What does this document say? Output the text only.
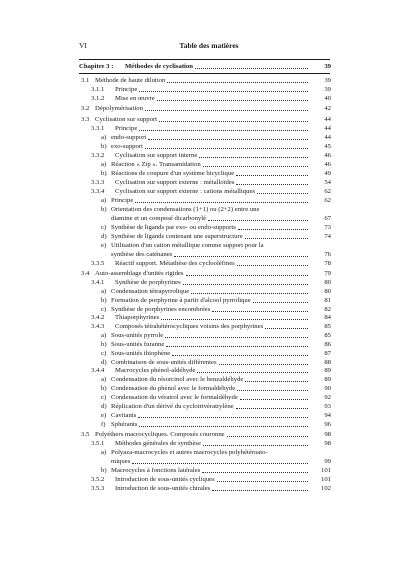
VI	Table des matières
Chapitre 3 : Méthodes de cyclisation	39
3.1 Méthode de haute dilution	39
3.1.1 Principe	39
3.1.2 Mise en œuvre	40
3.2 Dépolymérisation	42
3.3 Cyclisation sur support	44
3.3.1 Principe	44
a) endo-support	44
b) exo-support	45
3.3.2 Cyclisation sur support interne	46
a) Réaction « Zip ». Transamidation	46
b) Réactions de coupure d'un système bicyclique	49
3.3.3 Cyclisation sur support externe : métalloïdes	54
3.3.4 Cyclisation sur support externe : cations métalliques	62
a) Principe	62
b) Orientation des condensations (1+1) ou (2+2) entre une
diamine et un composé dicarbonylé	67
c) Synthèse de ligands par exo- ou endo-supports	73
d) Synthèse de ligands contenant une superstructure	74
e) Utilisation d'un cation métallique comme support pour la
synthèse des caténanes	76
3.3.5 Réactif support. Métathèse des cyclooléfines	78
3.4 Auto-assemblage d'unités rigides	79
3.4.1 Synthèse de porphyrines	80
a) Condensation tétrapyrrolique	80
b) Formation de porphyrine à partir d'alcool pyrrolique	81
c) Synthèse de porphyrines encombrées	82
3.4.2 Thiaporphyrines	84
3.4.3 Composés tétrahétérocycliques voisins des porphyrines	85
a) Sous-unités pyrrole	85
b) Sous-unités furanne	86
c) Sous-unités thiophène	87
d) Combinaison de sous-unités différentes	88
3.4.4 Macrocycles phénol-aldéhyde	89
a) Condensation du résorcinol avec le benzaldéhyde	89
b) Condensation du phénol avec le formaldéhyde	90
c) Condensation du vératrol avec le formaldéhyde	92
d) Réplication d'un dérivé du cyclotrivératrylène	93
e) Cavitants	94
f) Sphérants	96
3.5 Polyéthers macrocycliques. Composés couronne	98
3.5.1 Méthodes générales de synthèse	98
a) Polyaza-macrocycles et autres macrocycles polyhétéroato-
miques	99
b) Macrocycles à fonctions latérales	101
3.5.2 Introduction de sous-unités cycliques	101
3.5.3 Introduction de sous-unités chirales	102
